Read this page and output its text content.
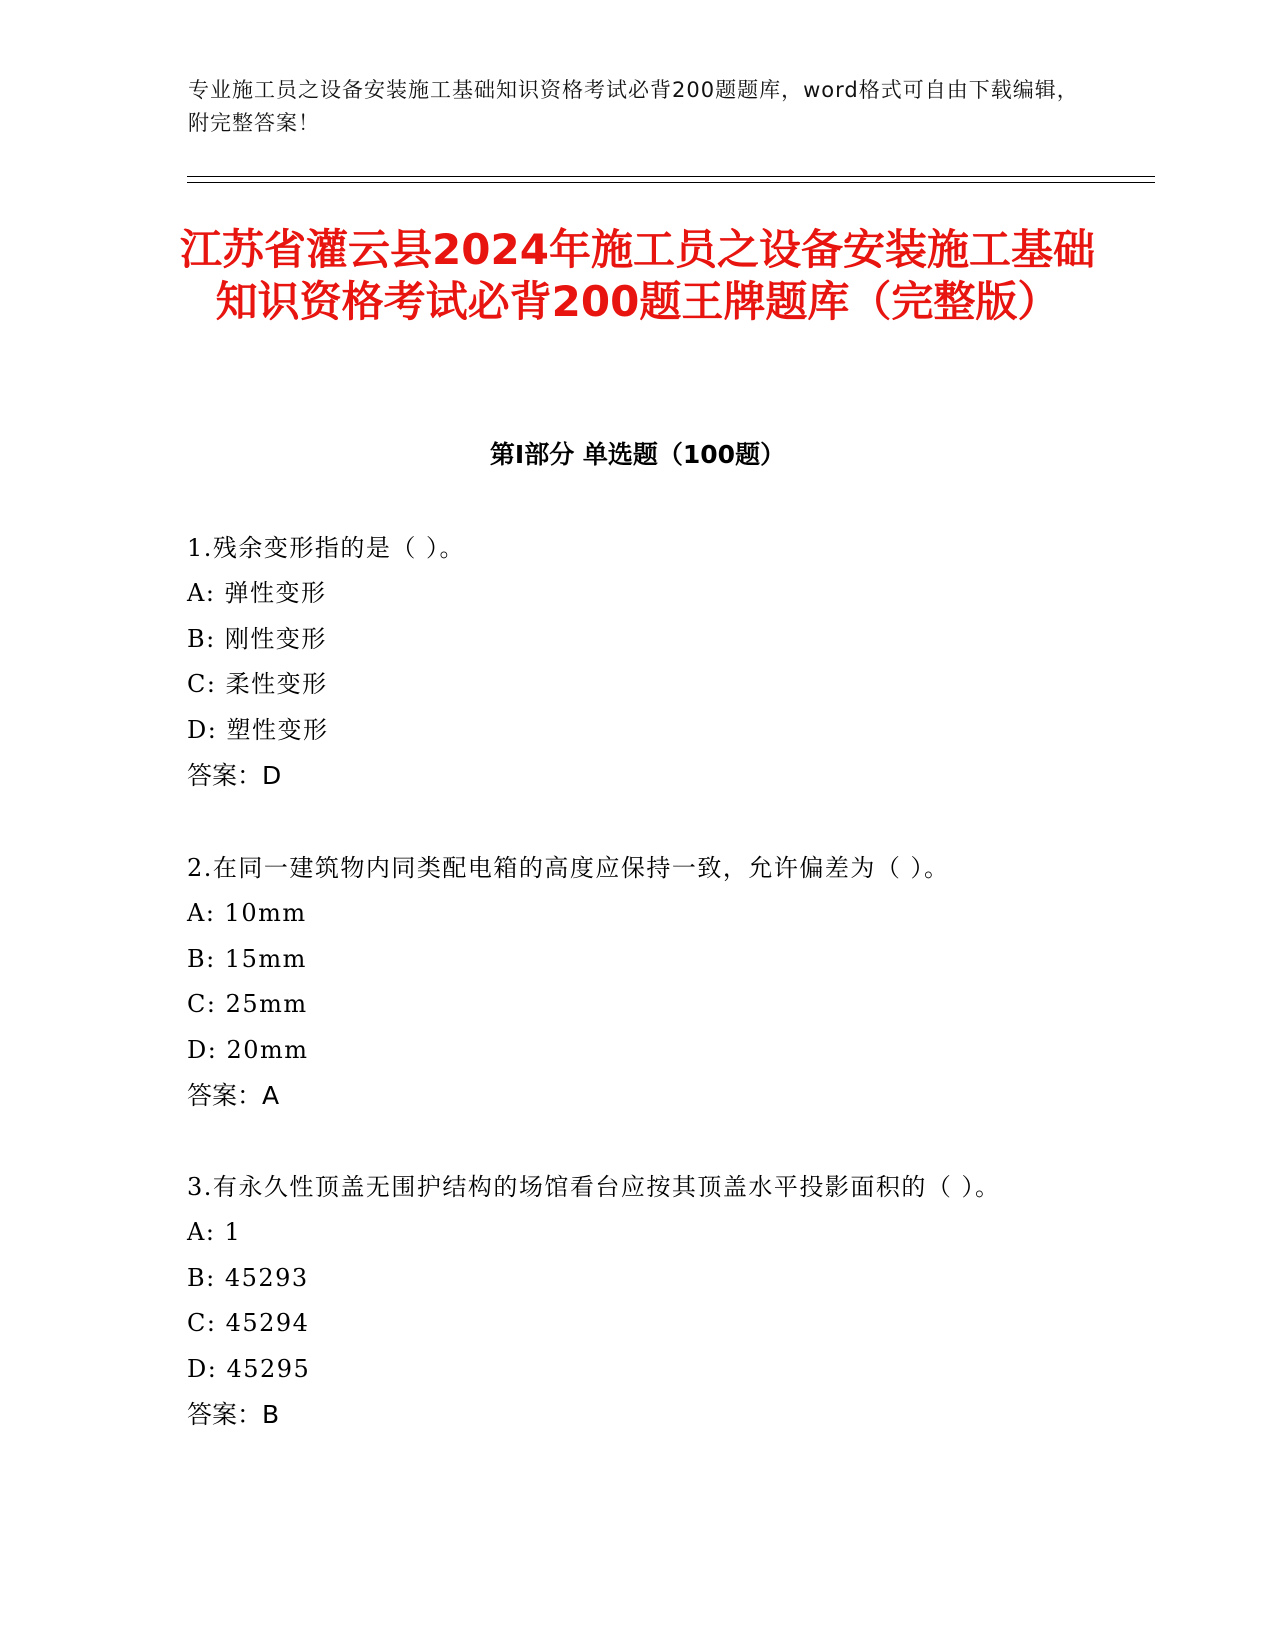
专业施工员之设备安装施工基础知识资格考试必背200题题库，word格式可自由下载编辑，附完整答案！
江苏省灌云县2024年施工员之设备安装施工基础知识资格考试必背200题王牌题库（完整版）
第Ⅰ部分 单选题（100题）

1.残余变形指的是（ ）。

A: 弹性变形

B: 刚性变形

C: 柔性变形

D: 塑性变形

答案：D

2.在同一建筑物内同类配电箱的高度应保持一致，允许偏差为（ ）。

A: 10mm

B: 15mm

C: 25mm

D: 20mm

答案：A

3.有永久性顶盖无围护结构的场馆看台应按其顶盖水平投影面积的（ ）。

A: 1

B: 45293

C: 45294

D: 45295

答案：B
